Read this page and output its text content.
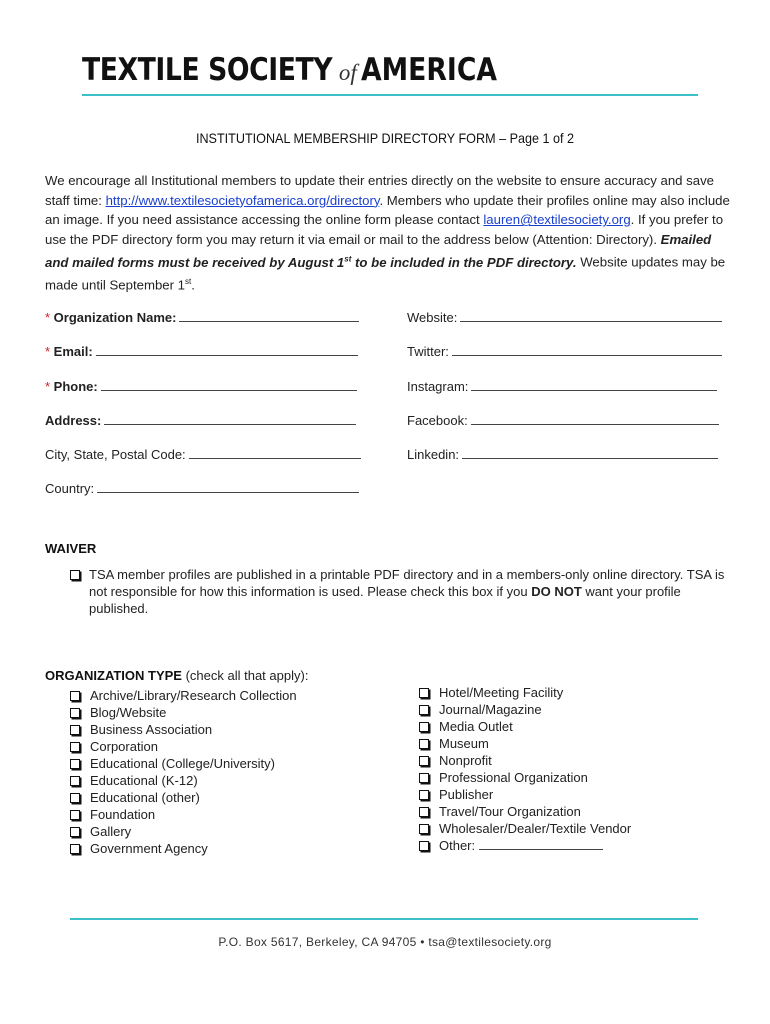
TEXTILE SOCIETY of AMERICA
INSTITUTIONAL MEMBERSHIP DIRECTORY FORM – Page 1 of 2
We encourage all Institutional members to update their entries directly on the website to ensure accuracy and save staff time: http://www.textilesocietyofamerica.org/directory. Members who update their profiles online may also include an image. If you need assistance accessing the online form please contact lauren@textilesociety.org. If you prefer to use the PDF directory form you may return it via email or mail to the address below (Attention: Directory). Emailed and mailed forms must be received by August 1st to be included in the PDF directory. Website updates may be made until September 1st.
* Organization Name:
* Email:
* Phone:
Address:
City, State, Postal Code:
Country:
Website:
Twitter:
Instagram:
Facebook:
Linkedin:
WAIVER
TSA member profiles are published in a printable PDF directory and in a members-only online directory. TSA is not responsible for how this information is used. Please check this box if you DO NOT want your profile published.
ORGANIZATION TYPE (check all that apply):
Archive/Library/Research Collection
Blog/Website
Business Association
Corporation
Educational (College/University)
Educational (K-12)
Educational (other)
Foundation
Gallery
Government Agency
Hotel/Meeting Facility
Journal/Magazine
Media Outlet
Museum
Nonprofit
Professional Organization
Publisher
Travel/Tour Organization
Wholesaler/Dealer/Textile Vendor
Other:
P.O. Box 5617, Berkeley, CA 94705 • tsa@textilesociety.org
